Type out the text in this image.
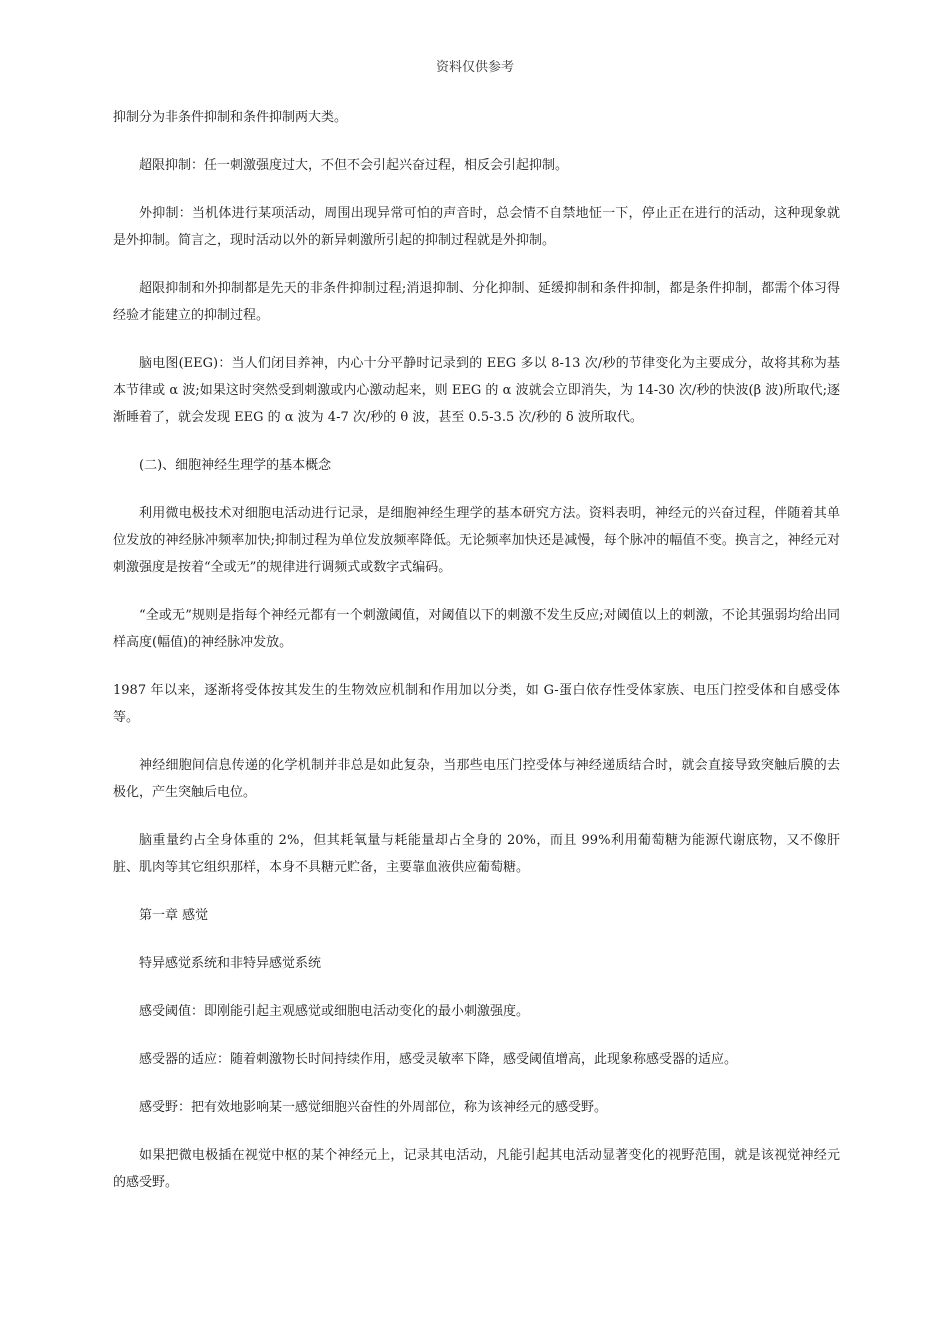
资料仅供参考

抑制分为非条件抑制和条件抑制两大类。

超限抑制：任一刺激强度过大，不但不会引起兴奋过程，相反会引起抑制。

外抑制：当机体进行某项活动，周围出现异常可怕的声音时，总会情不自禁地怔一下，停止正在进行的活动，这种现象就是外抑制。简言之，现时活动以外的新异刺激所引起的抑制过程就是外抑制。

超限抑制和外抑制都是先天的非条件抑制过程;消退抑制、分化抑制、延缓抑制和条件抑制，都是条件抑制，都需个体习得经验才能建立的抑制过程。

脑电图(EEG)：当人们闭目养神，内心十分平静时记录到的 EEG 多以 8-13 次/秒的节律变化为主要成分，故将其称为基本节律或 α 波;如果这时突然受到刺激或内心激动起来，则 EEG 的 α 波就会立即消失，为 14-30 次/秒的快波(β 波)所取代;逐渐睡着了，就会发现 EEG 的 α 波为 4-7 次/秒的 θ 波，甚至 0.5-3.5 次/秒的 δ 波所取代。

(二)、细胞神经生理学的基本概念

利用微电极技术对细胞电活动进行记录，是细胞神经生理学的基本研究方法。资料表明，神经元的兴奋过程，伴随着其单位发放的神经脉冲频率加快;抑制过程为单位发放频率降低。无论频率加快还是减慢，每个脉冲的幅值不变。换言之，神经元对刺激强度是按着“全或无”的规律进行调频式或数字式编码。

“全或无”规则是指每个神经元都有一个刺激阈值，对阈值以下的刺激不发生反应;对阈值以上的刺激，不论其强弱均给出同样高度(幅值)的神经脉冲发放。

1987 年以来，逐渐将受体按其发生的生物效应机制和作用加以分类，如 G-蛋白依存性受体家族、电压门控受体和自感受体等。

神经细胞间信息传递的化学机制并非总是如此复杂，当那些电压门控受体与神经递质结合时，就会直接导致突触后膜的去极化，产生突触后电位。

脑重量约占全身体重的 2%，但其耗氧量与耗能量却占全身的 20%，而且 99%利用葡萄糖为能源代谢底物，又不像肝脏、肌肉等其它组织那样，本身不具糖元贮备，主要靠血液供应葡萄糖。

第一章 感觉

特异感觉系统和非特异感觉系统

感受阈值：即刚能引起主观感觉或细胞电活动变化的最小刺激强度。

感受器的适应：随着刺激物长时间持续作用，感受灵敏率下降，感受阈值增高，此现象称感受器的适应。

感受野：把有效地影响某一感觉细胞兴奋性的外周部位，称为该神经元的感受野。

如果把微电极插在视觉中枢的某个神经元上，记录其电活动，凡能引起其电活动显著变化的视野范围，就是该视觉神经元的感受野。
